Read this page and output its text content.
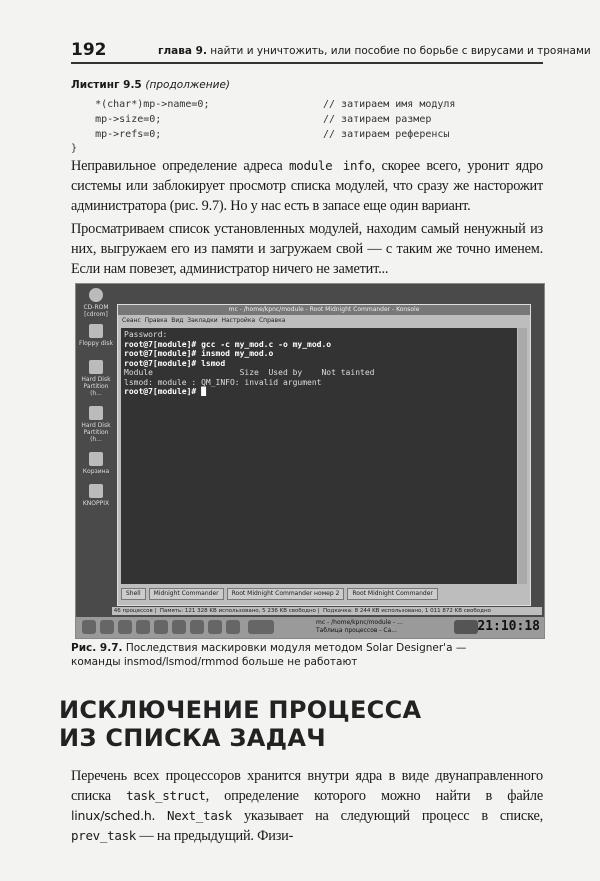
192	глава 9. найти и уничтожить, или пособие по борьбе с вирусами и троянами
Листинг 9.5 (продолжение)
*(char*)mp->name=0;	// затираем имя модуля
mp->size=0;	// затираем размер
mp->refs=0;	// затираем референсы
}
Неправильное определение адреса module info, скорее всего, уронит ядро системы или заблокирует просмотр списка модулей, что сразу же насторожит администратора (рис. 9.7). Но у нас есть в запасе еще один вариант.
Просматриваем список установленных модулей, находим самый ненужный из них, выгружаем его из памяти и загружаем свой — с таким же точно именем. Если нам повезет, администратор ничего не заметит...
CD-ROM [cdrom]
Floppy disk
Hard Disk Partition (h...
Hard Disk Partition (h...
Корзина
KNOPPIX
mc - /home/kpnc/module - Root Midnight Commander - Konsole
Сеанс Правка Вид Закладки Настройка Справка
Password:
root@7[module]# gcc -c my_mod.c -o my_mod.o
root@7[module]# insmod my_mod.o
root@7[module]# lsmod
Module                  Size  Used by    Not tainted
lsmod: module : QM_INFO: invalid argument
root@7[module]# █
Shell Midnight Commander Root Midnight Commander номер 2 Root Midnight Commander
46 процессов |  Память: 121 328 KB использовано, 5 236 KB свободно |  Подкачка: 8 244 KB использовано, 1 011 872 KB свободно
mc - /home/kpnc/module - ...
Таблица процессов - Ca...	21:10:18
Рис. 9.7. Последствия маскировки модуля методом Solar Designer'а —
команды insmod/lsmod/rmmod больше не работают
ИСКЛЮЧЕНИЕ ПРОЦЕССА
ИЗ СПИСКА ЗАДАЧ
Перечень всех процессоров хранится внутри ядра в виде двунаправленного списка task_struct, определение которого можно найти в файле linux/sched.h. Next_task указывает на следующий процесс в списке, prev_task — на предыдущий. Физи-
